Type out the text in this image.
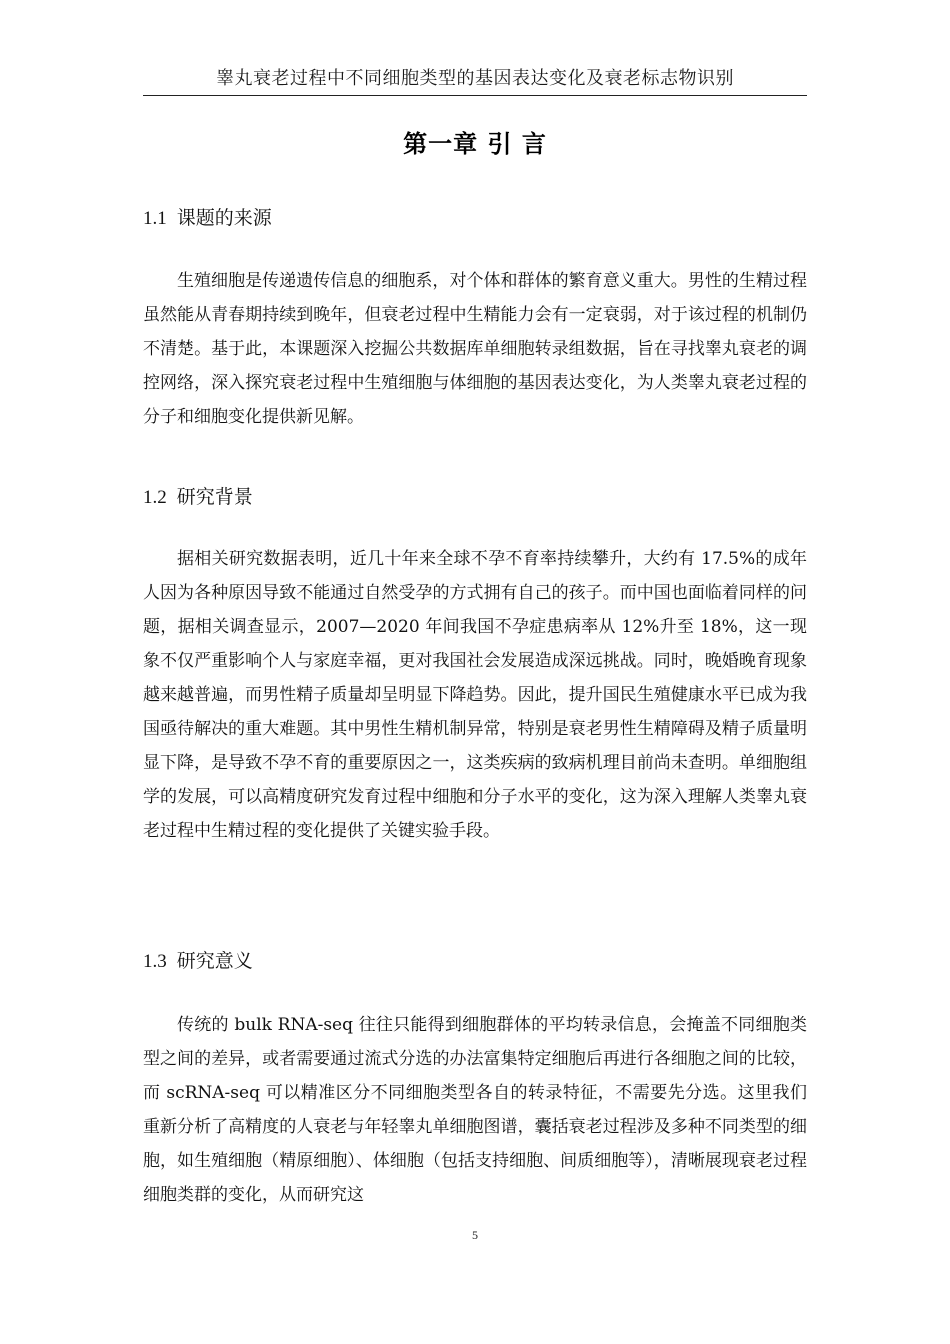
睾丸衰老过程中不同细胞类型的基因表达变化及衰老标志物识别
第一章 引 言
1.1 课题的来源

生殖细胞是传递遗传信息的细胞系，对个体和群体的繁育意义重大。男性的生精过程虽然能从青春期持续到晚年，但衰老过程中生精能力会有一定衰弱，对于该过程的机制仍不清楚。基于此，本课题深入挖掘公共数据库单细胞转录组数据，旨在寻找睾丸衰老的调控网络，深入探究衰老过程中生殖细胞与体细胞的基因表达变化，为人类睾丸衰老过程的分子和细胞变化提供新见解。

1.2 研究背景

据相关研究数据表明，近几十年来全球不孕不育率持续攀升，大约有 17.5%的成年人因为各种原因导致不能通过自然受孕的方式拥有自己的孩子。而中国也面临着同样的问题，据相关调查显示，2007—2020 年间我国不孕症患病率从 12%升至 18%，这一现象不仅严重影响个人与家庭幸福，更对我国社会发展造成深远挑战。同时，晚婚晚育现象越来越普遍，而男性精子质量却呈明显下降趋势。因此，提升国民生殖健康水平已成为我国亟待解决的重大难题。其中男性生精机制异常，特别是衰老男性生精障碍及精子质量明显下降，是导致不孕不育的重要原因之一，这类疾病的致病机理目前尚未查明。单细胞组学的发展，可以高精度研究发育过程中细胞和分子水平的变化，这为深入理解人类睾丸衰老过程中生精过程的变化提供了关键实验手段。

1.3 研究意义

传统的 bulk RNA-seq 往往只能得到细胞群体的平均转录信息，会掩盖不同细胞类型之间的差异，或者需要通过流式分选的办法富集特定细胞后再进行各细胞之间的比较，而 scRNA-seq 可以精准区分不同细胞类型各自的转录特征，不需要先分选。这里我们重新分析了高精度的人衰老与年轻睾丸单细胞图谱，囊括衰老过程涉及多种不同类型的细胞，如生殖细胞（精原细胞）、体细胞（包括支持细胞、间质细胞等），清晰展现衰老过程细胞类群的变化，从而研究这

5
